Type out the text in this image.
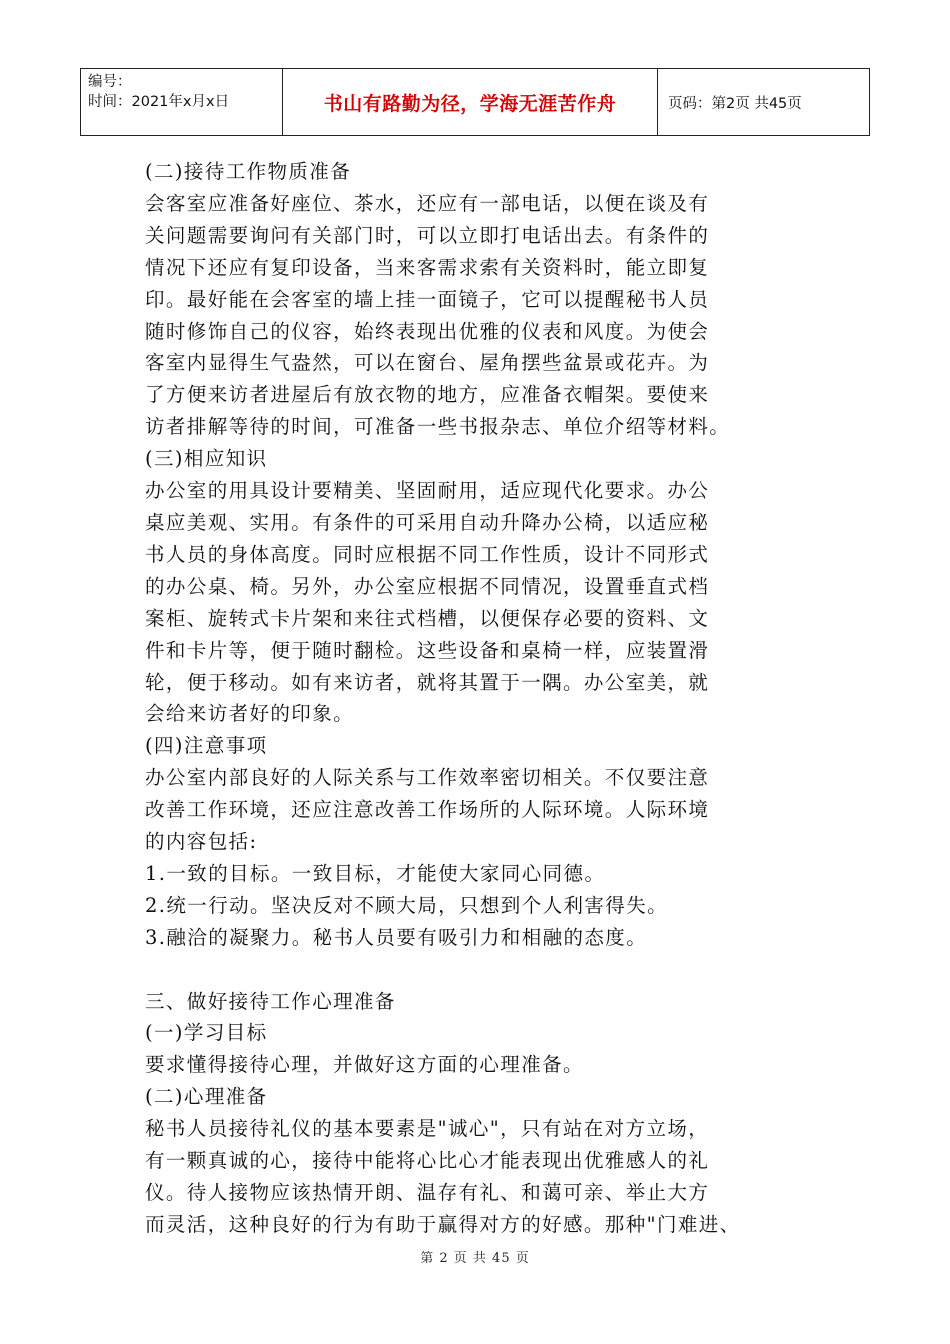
编号：
时间：2021年x月x日	书山有路勤为径，学海无涯苦作舟	页码：第2页 共45页

(二)接待工作物质准备

会客室应准备好座位、茶水，还应有一部电话，以便在谈及有

关问题需要询问有关部门时，可以立即打电话出去。有条件的

情况下还应有复印设备，当来客需求索有关资料时，能立即复

印。最好能在会客室的墙上挂一面镜子，它可以提醒秘书人员

随时修饰自己的仪容，始终表现出优雅的仪表和风度。为使会

客室内显得生气盎然，可以在窗台、屋角摆些盆景或花卉。为

了方便来访者进屋后有放衣物的地方，应准备衣帽架。要使来

访者排解等待的时间，可准备一些书报杂志、单位介绍等材料。

(三)相应知识

办公室的用具设计要精美、坚固耐用，适应现代化要求。办公

桌应美观、实用。有条件的可采用自动升降办公椅，以适应秘

书人员的身体高度。同时应根据不同工作性质，设计不同形式

的办公桌、椅。另外，办公室应根据不同情况，设置垂直式档

案柜、旋转式卡片架和来往式档槽，以便保存必要的资料、文

件和卡片等，便于随时翻检。这些设备和桌椅一样，应装置滑

轮，便于移动。如有来访者，就将其置于一隅。办公室美，就

会给来访者好的印象。

(四)注意事项

办公室内部良好的人际关系与工作效率密切相关。不仅要注意

改善工作环境，还应注意改善工作场所的人际环境。人际环境

的内容包括:

1.一致的目标。一致目标，才能使大家同心同德。

2.统一行动。坚决反对不顾大局，只想到个人利害得失。

3.融洽的凝聚力。秘书人员要有吸引力和相融的态度。

三、做好接待工作心理准备

(一)学习目标

要求懂得接待心理，并做好这方面的心理准备。

(二)心理准备

秘书人员接待礼仪的基本要素是"诚心"，只有站在对方立场，

有一颗真诚的心，接待中能将心比心才能表现出优雅感人的礼

仪。待人接物应该热情开朗、温存有礼、和蔼可亲、举止大方

而灵活，这种良好的行为有助于赢得对方的好感。那种"门难进、

第 2 页 共 45 页
